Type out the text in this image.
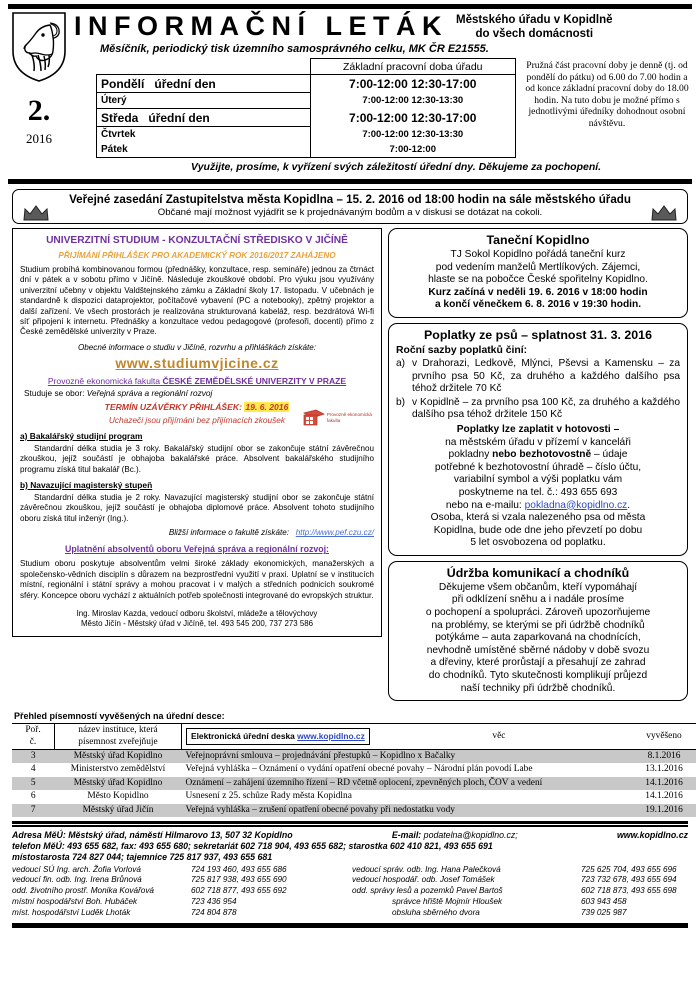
2.
2016
INFORMAČNÍ LETÁK Městského úřadu v Kopidlně
do všech domácnosti
Měsíčník, periodický tisk územního samosprávného celku, MK ČR E21555.
	Základní pracovní doba úřadu
Pondělí úřední den	7:00-12:00 12:30-17:00
Úterý	7:00-12:00 12:30-13:30
Středa úřední den	7:00-12:00 12:30-17:00
Čtvrtek	7:00-12:00 12:30-13:30
Pátek	7:00-12:00
Pružná část pracovní doby je denně (tj. od pondělí do pátku) od 6.00 do 7.00 hodin a od konce základní pracovní doby do 18.00 hodin. Na tuto dobu je možné přímo s jednotlivými úředníky dohodnout osobní návštěvu.
Využijte, prosíme, k vyřízení svých záležitostí úřední dny. Děkujeme za pochopení.
Veřejné zasedání Zastupitelstva města Kopidlna – 15. 2. 2016 od 18:00 hodin na sále městského úřadu
Občané mají možnost vyjádřit se k projednávaným bodům a v diskusi se dotázat na cokoli.
UNIVERZITNÍ STUDIUM - KONZULTAČNÍ STŘEDISKO V JIČÍNĚ
PŘIJÍMÁNÍ PŘIHLÁŠEK PRO AKADEMICKÝ ROK 2016/2017 ZAHÁJENO

Studium probíhá kombinovanou formou (přednášky, konzultace, resp. semináře) jednou za čtrnáct dní v pátek a v sobotu přímo v Jičíně. Následuje zkouškové období. Pro výuku jsou využívány univerzitní učebny v objektu Valdštejnského zámku a Základní školy 17. listopadu. V učebnách je standardně k dispozici dataprojektor, počítačové vybavení (PC a notebooky), zpětný projektor a další zařízení. Ve všech prostorách je realizována strukturovaná kabeláž, resp. bezdrátová Wi-fi síť připojení k internetu. Přednášky a konzultace vedou pedagogové (profesoři, docenti) přímo z České zemědělské univerzity v Praze.

Obecné informace o studiu v Jičíně, rozvrhu a přihláškách získáte:
www.studiumvjicine.cz
Provozně ekonomická fakulta ČESKÉ ZEMĚDĚLSKÉ UNIVERZITY V PRAZE
Studuje se obor: Veřejná správa a regionální rozvoj
TERMÍN UZÁVĚRKY PŘIHLÁŠEK: 19. 6. 2016
Provozně ekonomická
fakulta
Uchazeči jsou přijímáni bez přijímacích zkoušek
a) Bakalářský studijní program

Standardní délka studia je 3 roky. Bakalářský studijní obor se zakončuje státní závěrečnou zkouškou, jejíž součástí je obhajoba bakalářské práce. Absolvent bakalářského studijního programu získá titul bakalář (Bc.).

b) Navazující magisterský stupeň

Standardní délka studia je 2 roky. Navazující magisterský studijní obor se zakončuje státní závěrečnou zkouškou, jejíž součástí je obhajoba diplomové práce. Absolvent tohoto studijního oboru získá titul inženýr (Ing.).

Bližší informace o fakultě získáte: http://www.pef.czu.cz/
Uplatnění absolventů oboru Veřejná správa a regionální rozvoj:

Studium oboru poskytuje absolventům velmi široké základy ekonomických, manažerských a společensko-vědních disciplín s důrazem na bezprostřední využití v praxi. Uplatní se v institucích místní, regionální i státní správy a mohou pracovat i v malých a středních podnicích soukromé sféry. Koncepce oboru vychází z aktuálních potřeb společnosti integrované do evropských struktur.

Ing. Miroslav Kazda, vedoucí odboru školství, mládeže a tělovýchovy
Město Jičín - Městský úřad v Jičíně, tel. 493 545 200, 737 273 586
Taneční Kopidlno
TJ Sokol Kopidlno pořádá taneční kurz
pod vedením manželů Mertlíkových. Zájemci,
hlaste se na pobočce České spořitelny Kopidlno.
Kurz začíná v neděli 19. 6. 2016 v 18:00 hodin
a končí věnečkem 6. 8. 2016 v 19:30 hodin.
Poplatky ze psů – splatnost 31. 3. 2016
Roční sazby poplatků činí:
a) v Drahorazi, Ledkově, Mlýnci, Pševsi a Kamensku – za prvního psa 50 Kč, za druhého a každého dalšího psa téhož držitele 70 Kč
b) v Kopidlně – za prvního psa 100 Kč, za druhého a každého dalšího psa téhož držitele 150 Kč
Poplatky lze zaplatit v hotovosti –
na městském úřadu v přízemí v kanceláři
pokladny nebo bezhotovostně – údaje
potřebné k bezhotovostní úhradě – číslo účtu,
variabilní symbol a výši poplatku vám
poskytneme na tel. č.: 493 655 693
nebo na e-mailu: pokladna@kopidlno.cz.
Osoba, která si vzala nalezeného psa od města
Kopidlna, bude ode dne jeho převzetí po dobu
5 let osvobozena od poplatku.
Údržba komunikací a chodníků
Děkujeme všem občanům, kteří vypomáhají
při odklízení sněhu a i nadále prosíme
o pochopení a spolupráci. Zároveň upozorňujeme
na problémy, se kterými se při údržbě chodníků
potýkáme – auta zaparkovaná na chodnících,
nevhodně umístěné sběrné nádoby v době svozu
a dřeviny, které prorůstají a přesahují ze zahrad
do chodníků. Tyto skutečnosti komplikují průjezd
naší techniky při údržbě chodníků.
Přehled písemností vyvěšených na úřední desce:
Poř.
č.

název instituce, která
písemnost zveřejňuje

Elektronická úřední deska www.kopidlno.cz	věc	vyvěšeno
3	Městský úřad Kopidlno	Veřejnoprávní smlouva – projednávání přestupků – Kopidlno x Bačalky	8.1.2016
4	Ministerstvo zemědělství	Veřejná vyhláška – Oznámení o vydání opatření obecné povahy – Národní plán povodí Labe	13.1.2016
5	Městský úřad Kopidlno	Oznámení – zahájení územního řízení – RD včetně oplocení, zpevněných ploch, ČOV a vedení	14.1.2016
6	Město Kopidlno	Usnesení z 25. schůze Rady města Kopidlna	14.1.2016
7	Městský úřad Jičín	Veřejná vyhláška – zrušení opatření obecné povahy při nedostatku vody	19.1.2016
Adresa MěÚ: Městský úřad, náměstí Hilmarovo 13, 507 32 Kopidlno	E-mail: podatelna@kopidlno.cz;	www.kopidlno.cz
telefon MěÚ: 493 655 682, fax: 493 655 680; sekretariát 602 718 904, 493 655 682; starostka 602 410 821, 493 655 691
místostarosta 724 827 044; tajemnice 725 817 937, 493 655 681
vedoucí SÚ Ing. arch. Žofia Vorlová	724 193 460, 493 655 686	vedoucí správ. odb. Ing. Hana Palečková	725 625 704, 493 655 696
vedoucí fin. odb. Ing. Irena Brůnová	725 817 938, 493 655 690	vedoucí hospodář. odb. Josef Tomášek	723 732 678, 493 655 694
odd. životního prostř. Monika Kovářová	602 718 877, 493 655 692	odd. správy lesů a pozemků Pavel Bartoš	602 718 873, 493 655 698
místní hospodářství Boh. Hubáček	723 436 954	správce hřiště Mojmír Hloušek	603 943 458
míst. hospodářství Luděk Lhoták	724 804 878	obsluha sběrného dvora	739 025 987
